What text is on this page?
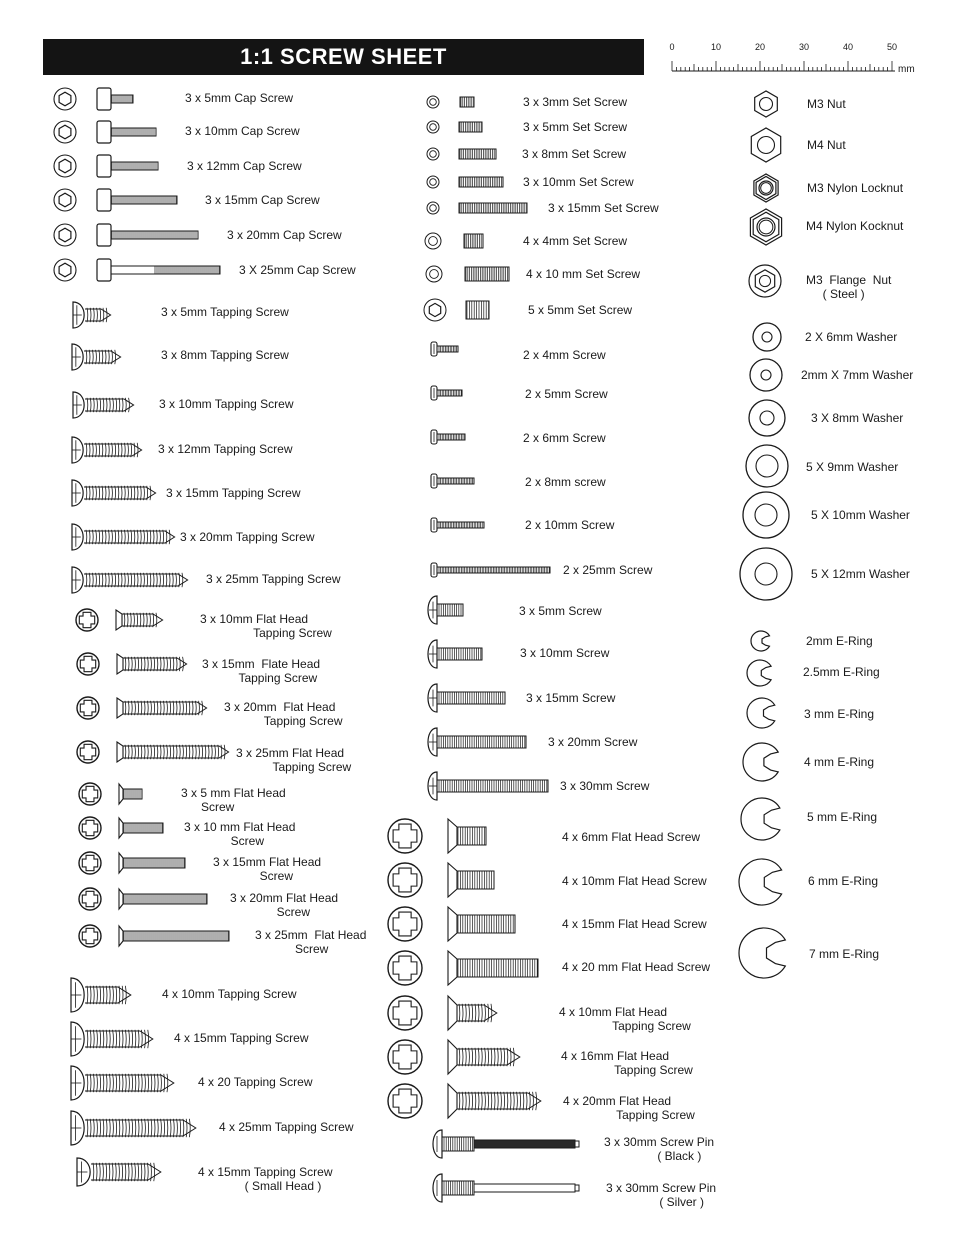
1:1 SCREW SHEET	0	10	20	30	40	50
mm
3 x 5mm Cap Screw
3 x 10mm Cap Screw
3 x 12mm Cap Screw
3 x 15mm Cap Screw
3 x 20mm Cap Screw
3 X 25mm Cap Screw
3 x 5mm Tapping Screw
3 x 8mm Tapping Screw
3 x 10mm Tapping Screw
3 x 12mm Tapping Screw
3 x 15mm Tapping Screw
3 x 20mm Tapping Screw
3 x 25mm Tapping Screw
3 x 10mm Flat Head
Tapping Screw
3 x 15mm  Flate Head
Tapping Screw
3 x 20mm  Flat Head
Tapping Screw
3 x 25mm Flat Head
Tapping Screw
3 x 5 mm Flat Head
Screw
3 x 10 mm Flat Head
Screw
3 x 15mm Flat Head
Screw
3 x 20mm Flat Head
Screw
3 x 25mm  Flat Head
Screw
4 x 10mm Tapping Screw
4 x 15mm Tapping Screw
4 x 20 Tapping Screw
4 x 25mm Tapping Screw
4 x 15mm Tapping Screw
( Small Head )
3 x 3mm Set Screw
3 x 5mm Set Screw
3 x 8mm Set Screw
3 x 10mm Set Screw
3 x 15mm Set Screw
4 x 4mm Set Screw
4 x 10 mm Set Screw
5 x 5mm Set Screw
2 x 4mm Screw
2 x 5mm Screw
2 x 6mm Screw
2 x 8mm screw
2 x 10mm Screw
2 x 25mm Screw
3 x 5mm Screw
3 x 10mm Screw
3 x 15mm Screw
3 x 20mm Screw
3 x 30mm Screw
4 x 6mm Flat Head Screw
4 x 10mm Flat Head Screw
4 x 15mm Flat Head Screw
4 x 20 mm Flat Head Screw
4 x 10mm Flat Head
Tapping Screw
4 x 16mm Flat Head
Tapping Screw
4 x 20mm Flat Head
Tapping Screw
3 x 30mm Screw Pin
( Black )
3 x 30mm Screw Pin
( Silver )
M3 Nut
M4 Nut
M3 Nylon Locknut
M4 Nylon Kocknut
M3  Flange  Nut
( Steel )
2 X 6mm Washer
2mm X 7mm Washer
3 X 8mm Washer
5 X 9mm Washer
5 X 10mm Washer
5 X 12mm Washer
2mm E-Ring
2.5mm E-Ring
3 mm E-Ring
4 mm E-Ring
5 mm E-Ring
6 mm E-Ring
7 mm E-Ring
